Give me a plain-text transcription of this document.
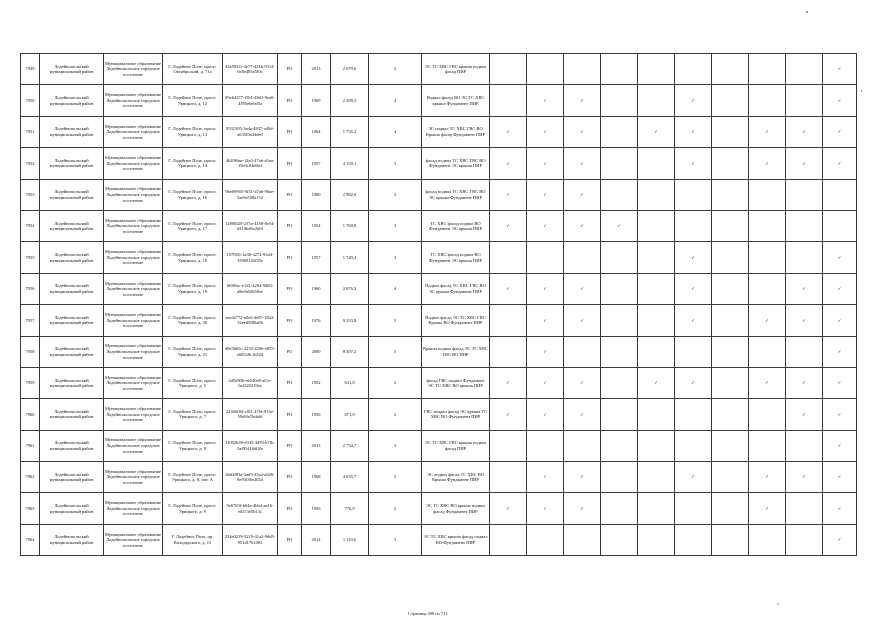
7949	Лодейнопольский муниципальный район	Муниципальное образование Лодейнопольское городское поселение	Г. Лодейное Поле, просп. Октябрьский, д. 71а	43e595f1-4e77-421b-9314-6c8e485a5f0c	РО	2013	2 679,6	3	ЭС ТС ХВС ГВС крыша подвал фасад ПИР										✓
7950	Лодейнопольский муниципальный район	Муниципальное образование Лодейнопольское городское поселение	Г. Лодейное Поле, просп. Урицкого, д. 12	85e64277-f5b1-48d1-9ea0-4395e6eb03a	РО	1969	2 209,3	4	Подвал фасад ВО ЭС ТС ХВС крыша Фундамент ПИР		✓	✓			✓				✓
7951	Лодейнопольский муниципальный район	Муниципальное образование Лодейнопольское городское поселение	Г. Лодейное Поле, просп. Урицкого, д. 13	9531505-3ada-4937-a49d-a635f0a34de0	РО	1964	1 735,2	4	ЭС подвал ТС ХВС ГВС ВО Крыша фасад Фундамент ПИР	✓	✓	✓		✓	✓		✓	✓	✓
7952	Лодейнопольский муниципальный район	Муниципальное образование Лодейнопольское городское поселение	Г. Лодейное Поле, просп. Урицкого, д. 14	4620f6ae-14e4-47ab-a5aa-19e0c84e6b4	РО	1957	4 159,1	3	фасад подвал ТС ХВС ГВС ВО Фундамент ЭС крыша ПИР	✓	✓	✓			✓		✓	✓	✓
7953	Лодейнопольский муниципальный район	Муниципальное образование Лодейнопольское городское поселение	Г. Лодейное Поле, просп. Урицкого, д. 16	9be69903-9f31-47a6-90ae-5ae9a558a152	РО	1960	2 882,0	3	фасад подвал ТС ХВС ГВС ВО ЭС крыша Фундамент ПИР	✓	✓	✓							
7954	Лодейнопольский муниципальный район	Муниципальное образование Лодейнопольское городское поселение	Г. Лодейное Поле, просп. Урицкого, д. 17	12900f29-237a-4158-8e54-d219bd6c2b0f	РО	1954	1 760,8	3	ТС ХВС фасад подвал ВО Фундамент ЭС крыша ПИР	✓	✓	✓	✓						
7955	Лодейнопольский муниципальный район	Муниципальное образование Лодейнопольское городское поселение	Г. Лодейное Поле, просп. Урицкого, д. 18	1570f5f-2a38-4272-93d4-159b9145f35e	РО	1957	1 749,4	3	ТС ХВС фасад подвал ВО Фундамент ЭС крыша ПИР						✓				✓
7956	Лодейнопольский муниципальный район	Муниципальное образование Лодейнопольское городское поселение	Г. Лодейное Поле, просп. Урицкого, д. 19	6f0f8ac-e1d1-4204-9d83-a8e0a02658ee	РО	1960	2 876,3	4	Подвал фасад ТС ХВС ГВС ВО ЭС крыша Фундамент ПИР	✓	✓	✓			✓			✓	✓
7957	Лодейнопольский муниципальный район	Муниципальное образование Лодейнопольское городское поселение	Г. Лодейное Поле, просп. Урицкого, д. 20	aee4e772-a0e6-4e87-18a3-32eed5f86a0b	РО	1976	9 233,8	5	Подвал фасад ЭС ТС ХВС ГВС Крыша ВО Фундамент ПИР		✓	✓			✓		✓	✓	✓
7958	Лодейнопольский муниципальный район	Муниципальное образование Лодейнопольское городское поселение	Г. Лодейное Поле, просп. Урицкого, д. 21	d9e5b65c-2235-4296-a855-eb0528c1b52d	РО	2000	8 307,2	5	Крыша подвал фасад ЭС ТС ХВС ГВС ВО ПИР		✓								✓
7959	Лодейнопольский муниципальный район	Муниципальное образование Лодейнопольское городское поселение	Г. Лодейное Поле, просп. Урицкого, д. 5	2d5e906-eb540e8-af1e-6ef220219ea	РО	1952	631,8	2	фасад ГВС подвал Фундамент ЭС ТС ХВС ВО крыша ПИР	✓	✓	✓		✓	✓		✓	✓	✓
7960	Лодейнопольский муниципальный район	Муниципальное образование Лодейнопольское городское поселение	Г. Лодейное Поле, просп. Урицкого, д. 7	22366f84-c8f1-47fd-913e-59e0fa7bda6f	РО	1956	671,9	2	ГВС подвал фасад ЭС крыша ТС ХВС ВО Фундамент ПИР	✓	✓	✓						✓	✓
7961	Лодейнопольский муниципальный район	Муниципальное образование Лодейнопольское городское поселение	Г. Лодейное Поле, просп. Урицкого, д. 8	11002b39-e945-4d59-b7fb-5af93410d02e	РО	2013	2 734,7	3	ЭС ТС ХВС ГВС крыша подвал фасад ПИР										✓
7962	Лодейнопольский муниципальный район	Муниципальное образование Лодейнопольское городское поселение	Г. Лодейное Поле, просп. Урицкого, д. 8, лит. А	46d4f83a-2ad5-45a2-a926-8e93f36e202d	РО	1968	4 635,7	5	ЭС подвал фасад ТС ХВС ВО Крыша Фундамент ПИР		✓	✓			✓		✓	✓	✓
7963	Лодейнопольский муниципальный район	Муниципальное образование Лодейнопольское городское поселение	Г. Лодейное Поле, просп. Урицкого, д. 9	9e6703f-b64a-4bb4-aa16-ed373e5b13c	РО	1956	776,9	2	ЭС ТС ХВС ВО крыша подвал фасад Фундамент ПИР	✓	✓	✓					✓		✓
7964	Лодейнопольский муниципальный район	Муниципальное образование Лодейнопольское городское поселение	Г. Лодейное Поле, пр. Володарского, д. 15	234e0219-5219-41a2-9dd5-951d17b1003	РО	2014	1 110,6	3	ЭС ТС ХВС крыша фасад подвал ВО Фундамент ПИР										✓
Страница 498 из 713
